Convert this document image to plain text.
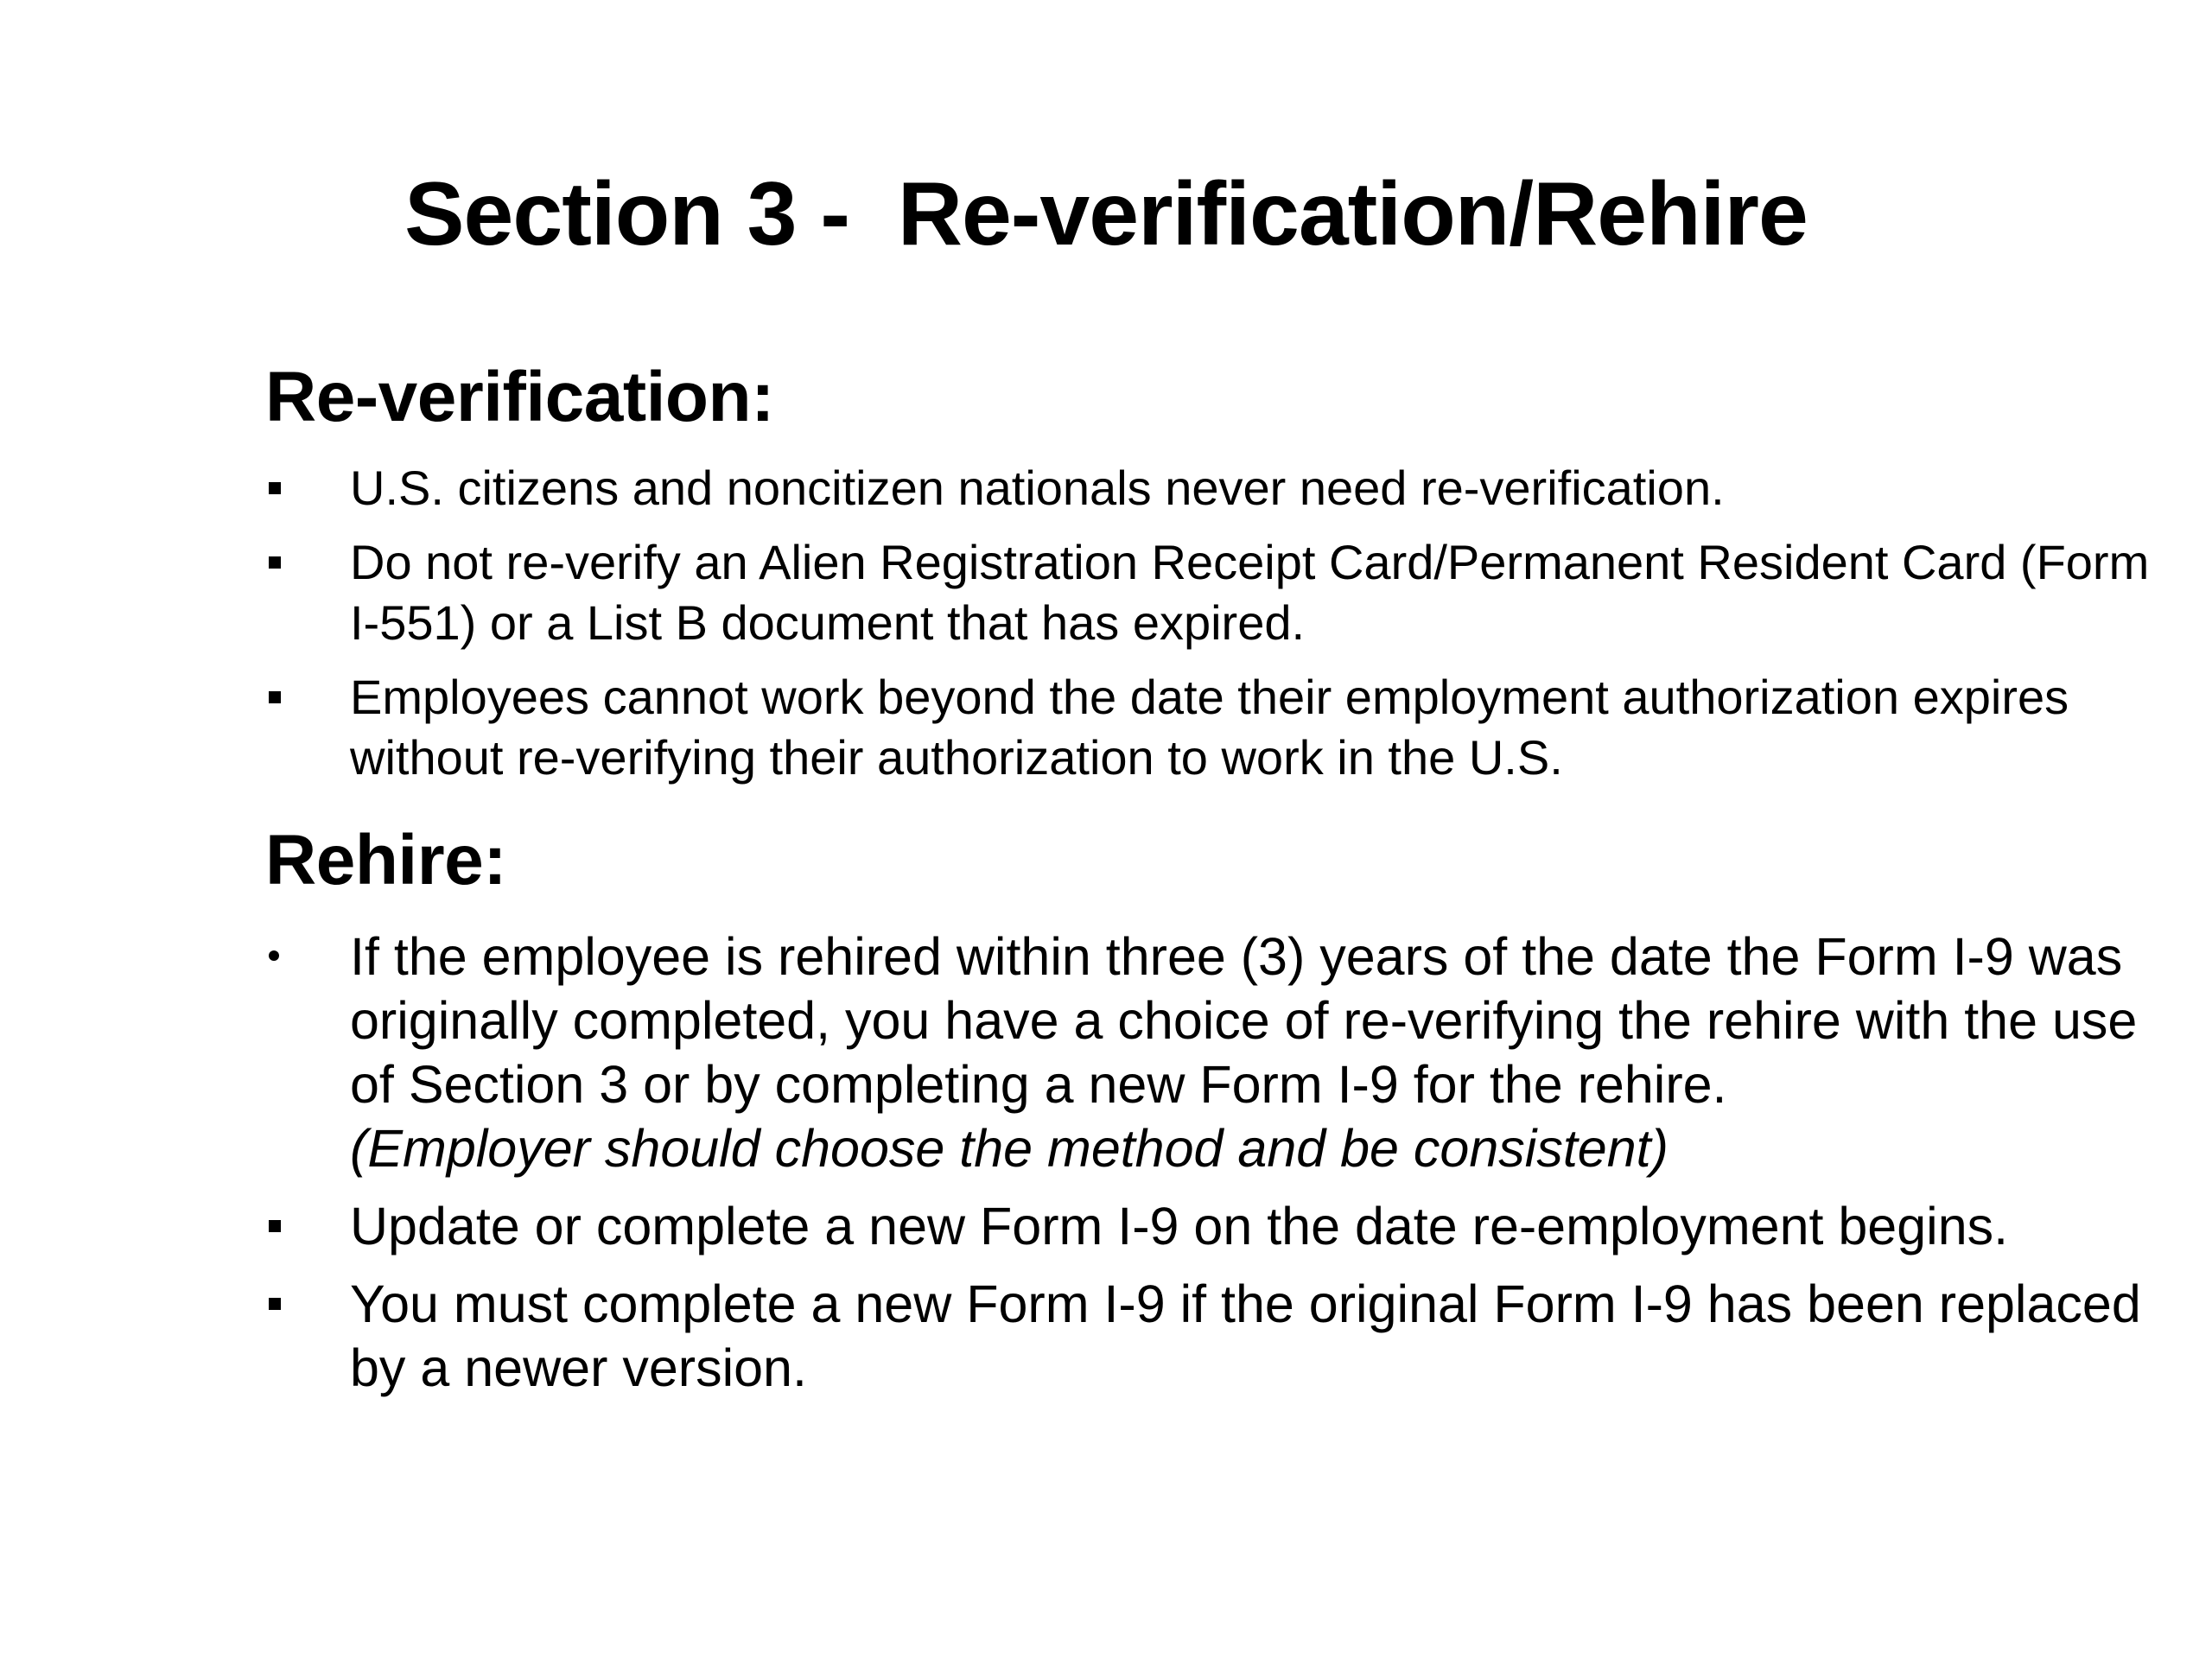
Section 3 -  Re-verification/Rehire
Re-verification:
U.S. citizens and noncitizen nationals never need re-verification.
Do not re-verify an Alien Registration Receipt Card/Permanent Resident Card (Form I-551) or a List B document that has expired.
Employees cannot work beyond the date their employment authorization expires without re-verifying their authorization to work in the U.S.
Rehire:
If the employee is rehired within three (3) years of the date the Form I-9 was originally completed, you have a choice of re-verifying the rehire with the use of Section 3 or by completing a new Form I-9 for the rehire.
(Employer should choose the method and be consistent)
Update or complete a new Form I-9 on the date re-employment begins.
You must complete a new Form I-9 if the original Form I-9 has been replaced by a newer version.
